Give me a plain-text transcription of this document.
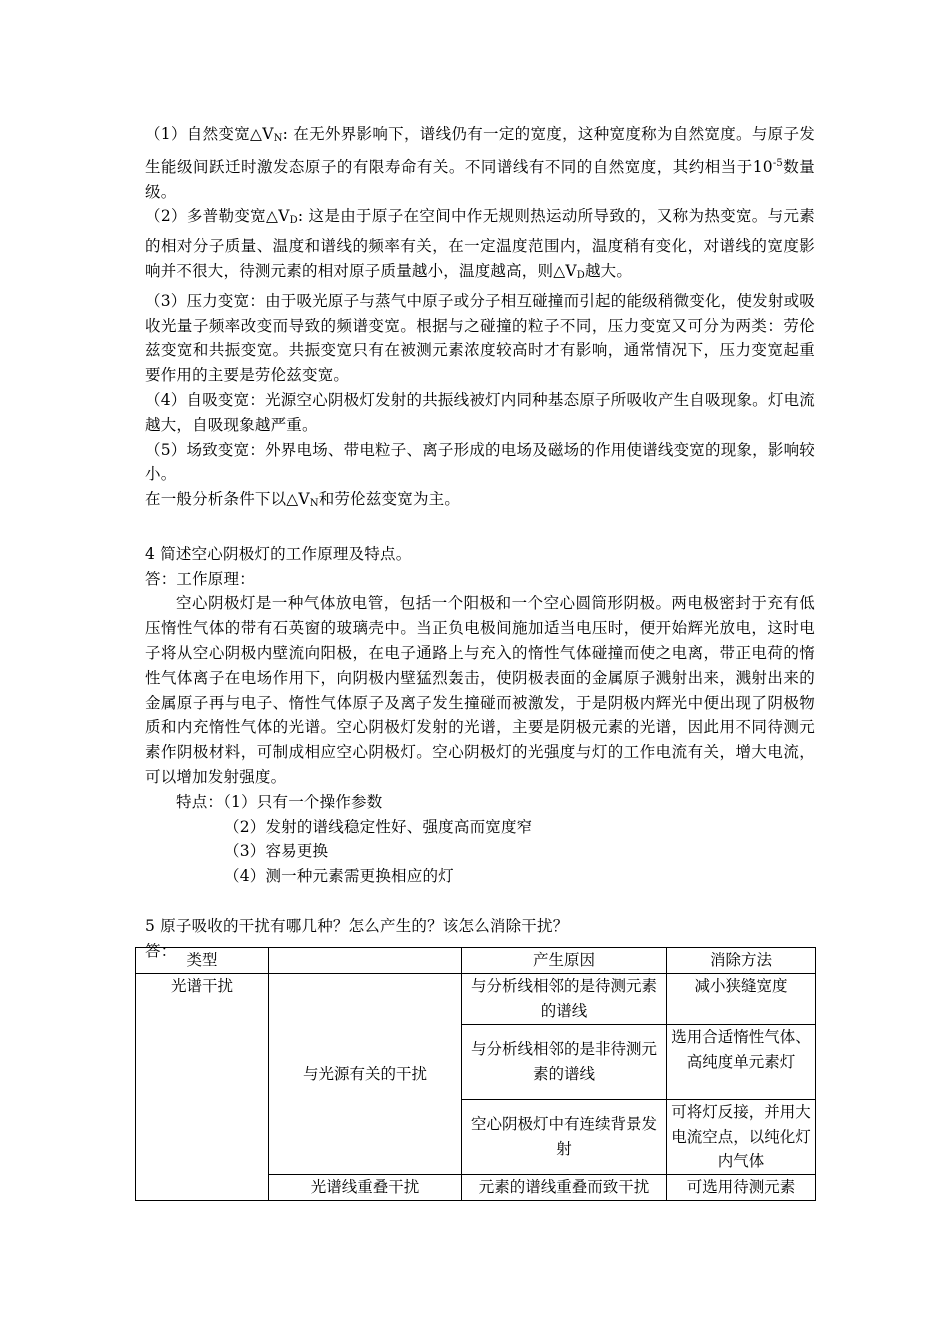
（1）自然变宽$\triangle V_N$: 在无外界影响下，谱线仍有一定的宽度，这种宽度称为自然宽度。与原子发生能级间跃迁时激发态原子的有限寿命有关。不同谱线有不同的自然宽度，其约相当于$10^{-5}$数量级。

（2）多普勒变宽$\triangle V_D$: 这是由于原子在空间中作无规则热运动所导致的，又称为热变宽。与元素的相对分子质量、温度和谱线的频率有关，在一定温度范围内，温度稍有变化，对谱线的宽度影响并不很大，待测元素的相对原子质量越小，温度越高，则$\triangle V_D$越大。

（3）压力变宽：由于吸光原子与蒸气中原子或分子相互碰撞而引起的能级稍微变化，使发射或吸收光量子频率改变而导致的频谱变宽。根据与之碰撞的粒子不同，压力变宽又可分为两类：劳伦兹变宽和共振变宽。共振变宽只有在被测元素浓度较高时才有影响，通常情况下，压力变宽起重要作用的主要是劳伦兹变宽。

（4）自吸变宽：光源空心阴极灯发射的共振线被灯内同种基态原子所吸收产生自吸现象。灯电流越大，自吸现象越严重。

（5）场致变宽：外界电场、带电粒子、离子形成的电场及磁场的作用使谱线变宽的现象，影响较小。

在一般分析条件下以$\triangle V_N$和劳伦兹变宽为主。

4 简述空心阴极灯的工作原理及特点。

答：工作原理：

空心阴极灯是一种气体放电管，包括一个阳极和一个空心圆筒形阴极。两电极密封于充有低压惰性气体的带有石英窗的玻璃壳中。当正负电极间施加适当电压时，便开始辉光放电，这时电子将从空心阴极内壁流向阳极，在电子通路上与充入的惰性气体碰撞而使之电离，带正电荷的惰性气体离子在电场作用下，向阴极内壁猛烈轰击，使阴极表面的金属原子溅射出来，溅射出来的金属原子再与电子、惰性气体原子及离子发生撞碰而被激发，于是阴极内辉光中便出现了阴极物质和内充惰性气体的光谱。空心阴极灯发射的光谱，主要是阴极元素的光谱，因此用不同待测元素作阴极材料，可制成相应空心阴极灯。空心阴极灯的光强度与灯的工作电流有关，增大电流，可以增加发射强度。

特点：（1）只有一个操作参数

（2）发射的谱线稳定性好、强度高而宽度窄

（3）容易更换

（4）测一种元素需更换相应的灯

5 原子吸收的干扰有哪几种？怎么产生的？该怎么消除干扰？

答：

类型		产生原因	消除方法
光谱干扰	与光源有关的干扰	与分析线相邻的是待测元素的谱线	减小狭缝宽度
		与分析线相邻的是非待测元素的谱线	选用合适惰性气体、高纯度单元素灯
		空心阴极灯中有连续背景发射	可将灯反接，并用大电流空点，以纯化灯内气体
	光谱线重叠干扰	元素的谱线重叠而致干扰	可选用待测元素
